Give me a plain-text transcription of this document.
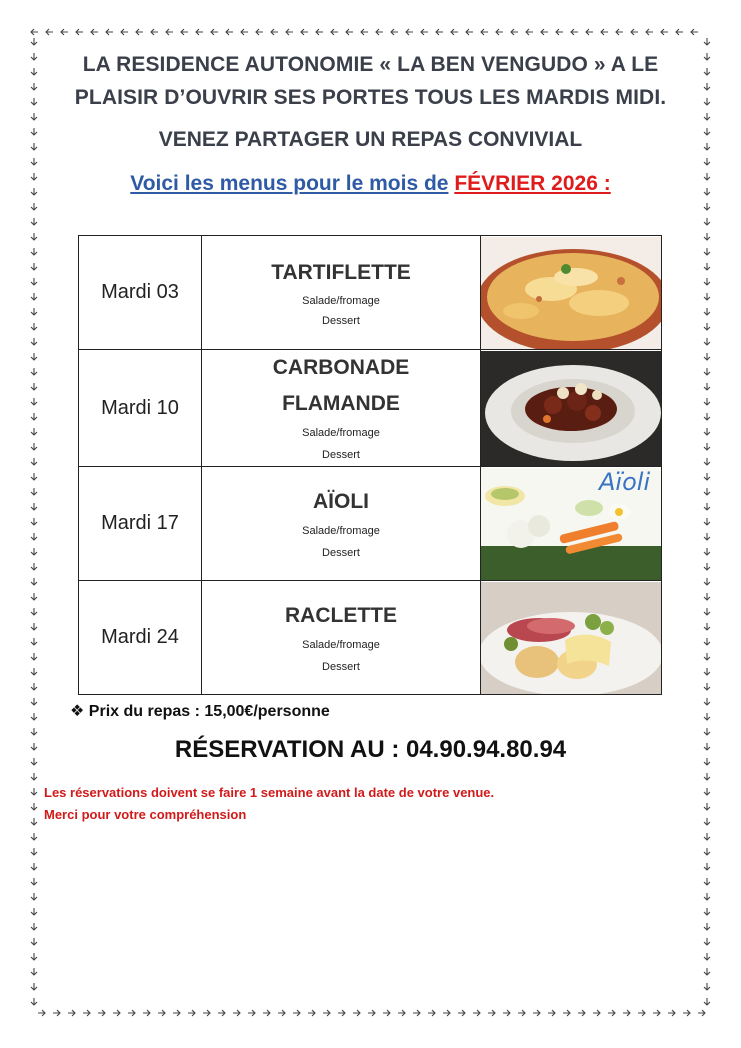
LA RESIDENCE AUTONOMIE « LA BEN VENGUDO » A LE
PLAISIR D’OUVRIR SES PORTES TOUS LES MARDIS MIDI.
VENEZ PARTAGER UN REPAS CONVIVIAL
Voici les menus pour le mois de FÉVRIER 2026 :
Mardi 03	TARTIFLETTE
Salade/fromage
Dessert

Mardi 10	CARBONADE
FLAMANDE
Salade/fromage
Dessert

Mardi 17	AÏOLI
Salade/fromage
Dessert	Aïoli

Mardi 24	RACLETTE
Salade/fromage
Dessert

❖ Prix du repas : 15,00€/personne
RÉSERVATION AU : 04.90.94.80.94
Les réservations doivent se faire 1 semaine avant la date de votre venue.
Merci pour votre compréhension
